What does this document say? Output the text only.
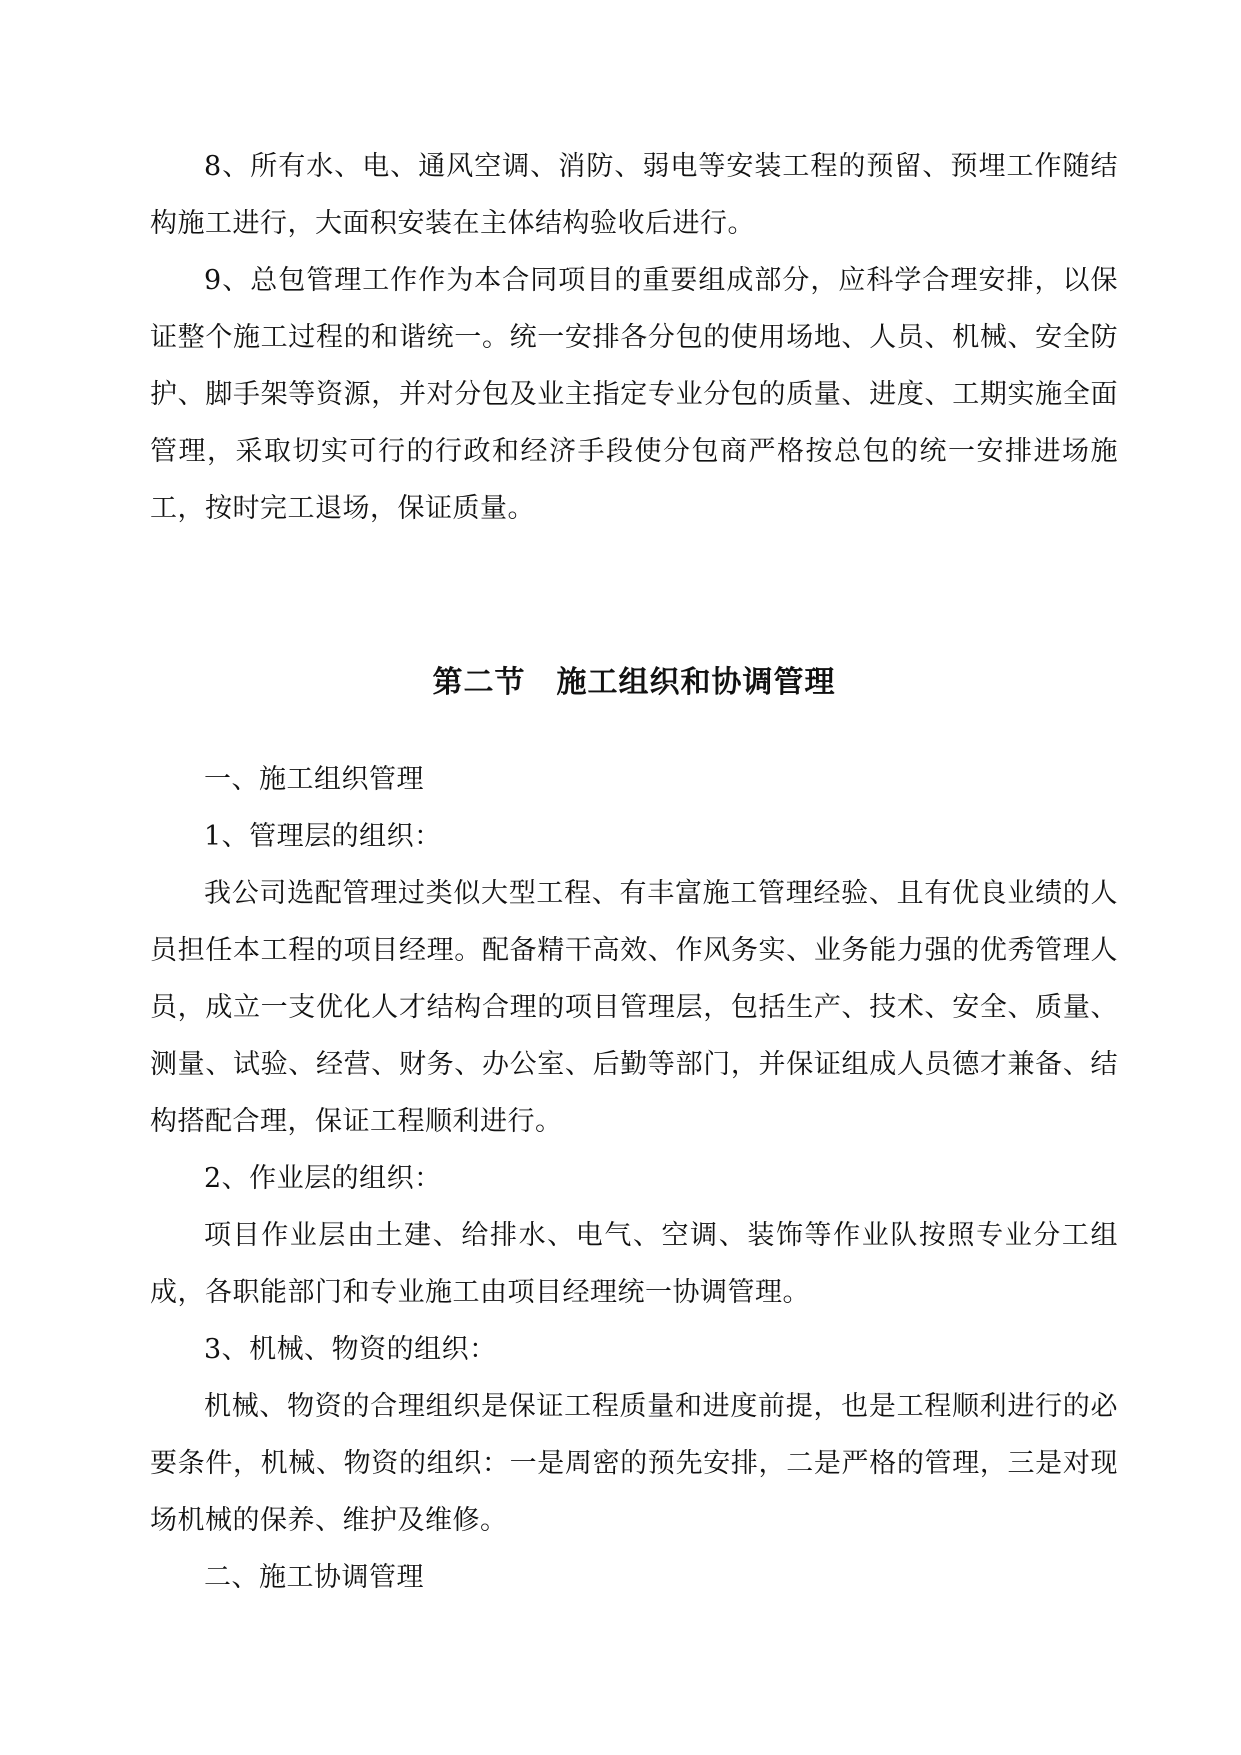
8、所有水、电、通风空调、消防、弱电等安装工程的预留、预埋工作随结构施工进行，大面积安装在主体结构验收后进行。

9、总包管理工作作为本合同项目的重要组成部分，应科学合理安排，以保证整个施工过程的和谐统一。统一安排各分包的使用场地、人员、机械、安全防护、脚手架等资源，并对分包及业主指定专业分包的质量、进度、工期实施全面管理，采取切实可行的行政和经济手段使分包商严格按总包的统一安排进场施工，按时完工退场，保证质量。

第二节　施工组织和协调管理

一、施工组织管理

1、管理层的组织：

我公司选配管理过类似大型工程、有丰富施工管理经验、且有优良业绩的人员担任本工程的项目经理。配备精干高效、作风务实、业务能力强的优秀管理人员，成立一支优化人才结构合理的项目管理层，包括生产、技术、安全、质量、测量、试验、经营、财务、办公室、后勤等部门，并保证组成人员德才兼备、结构搭配合理，保证工程顺利进行。

2、作业层的组织：

项目作业层由土建、给排水、电气、空调、装饰等作业队按照专业分工组成，各职能部门和专业施工由项目经理统一协调管理。

3、机械、物资的组织：

机械、物资的合理组织是保证工程质量和进度前提，也是工程顺利进行的必要条件，机械、物资的组织：一是周密的预先安排，二是严格的管理，三是对现场机械的保养、维护及维修。

二、施工协调管理
